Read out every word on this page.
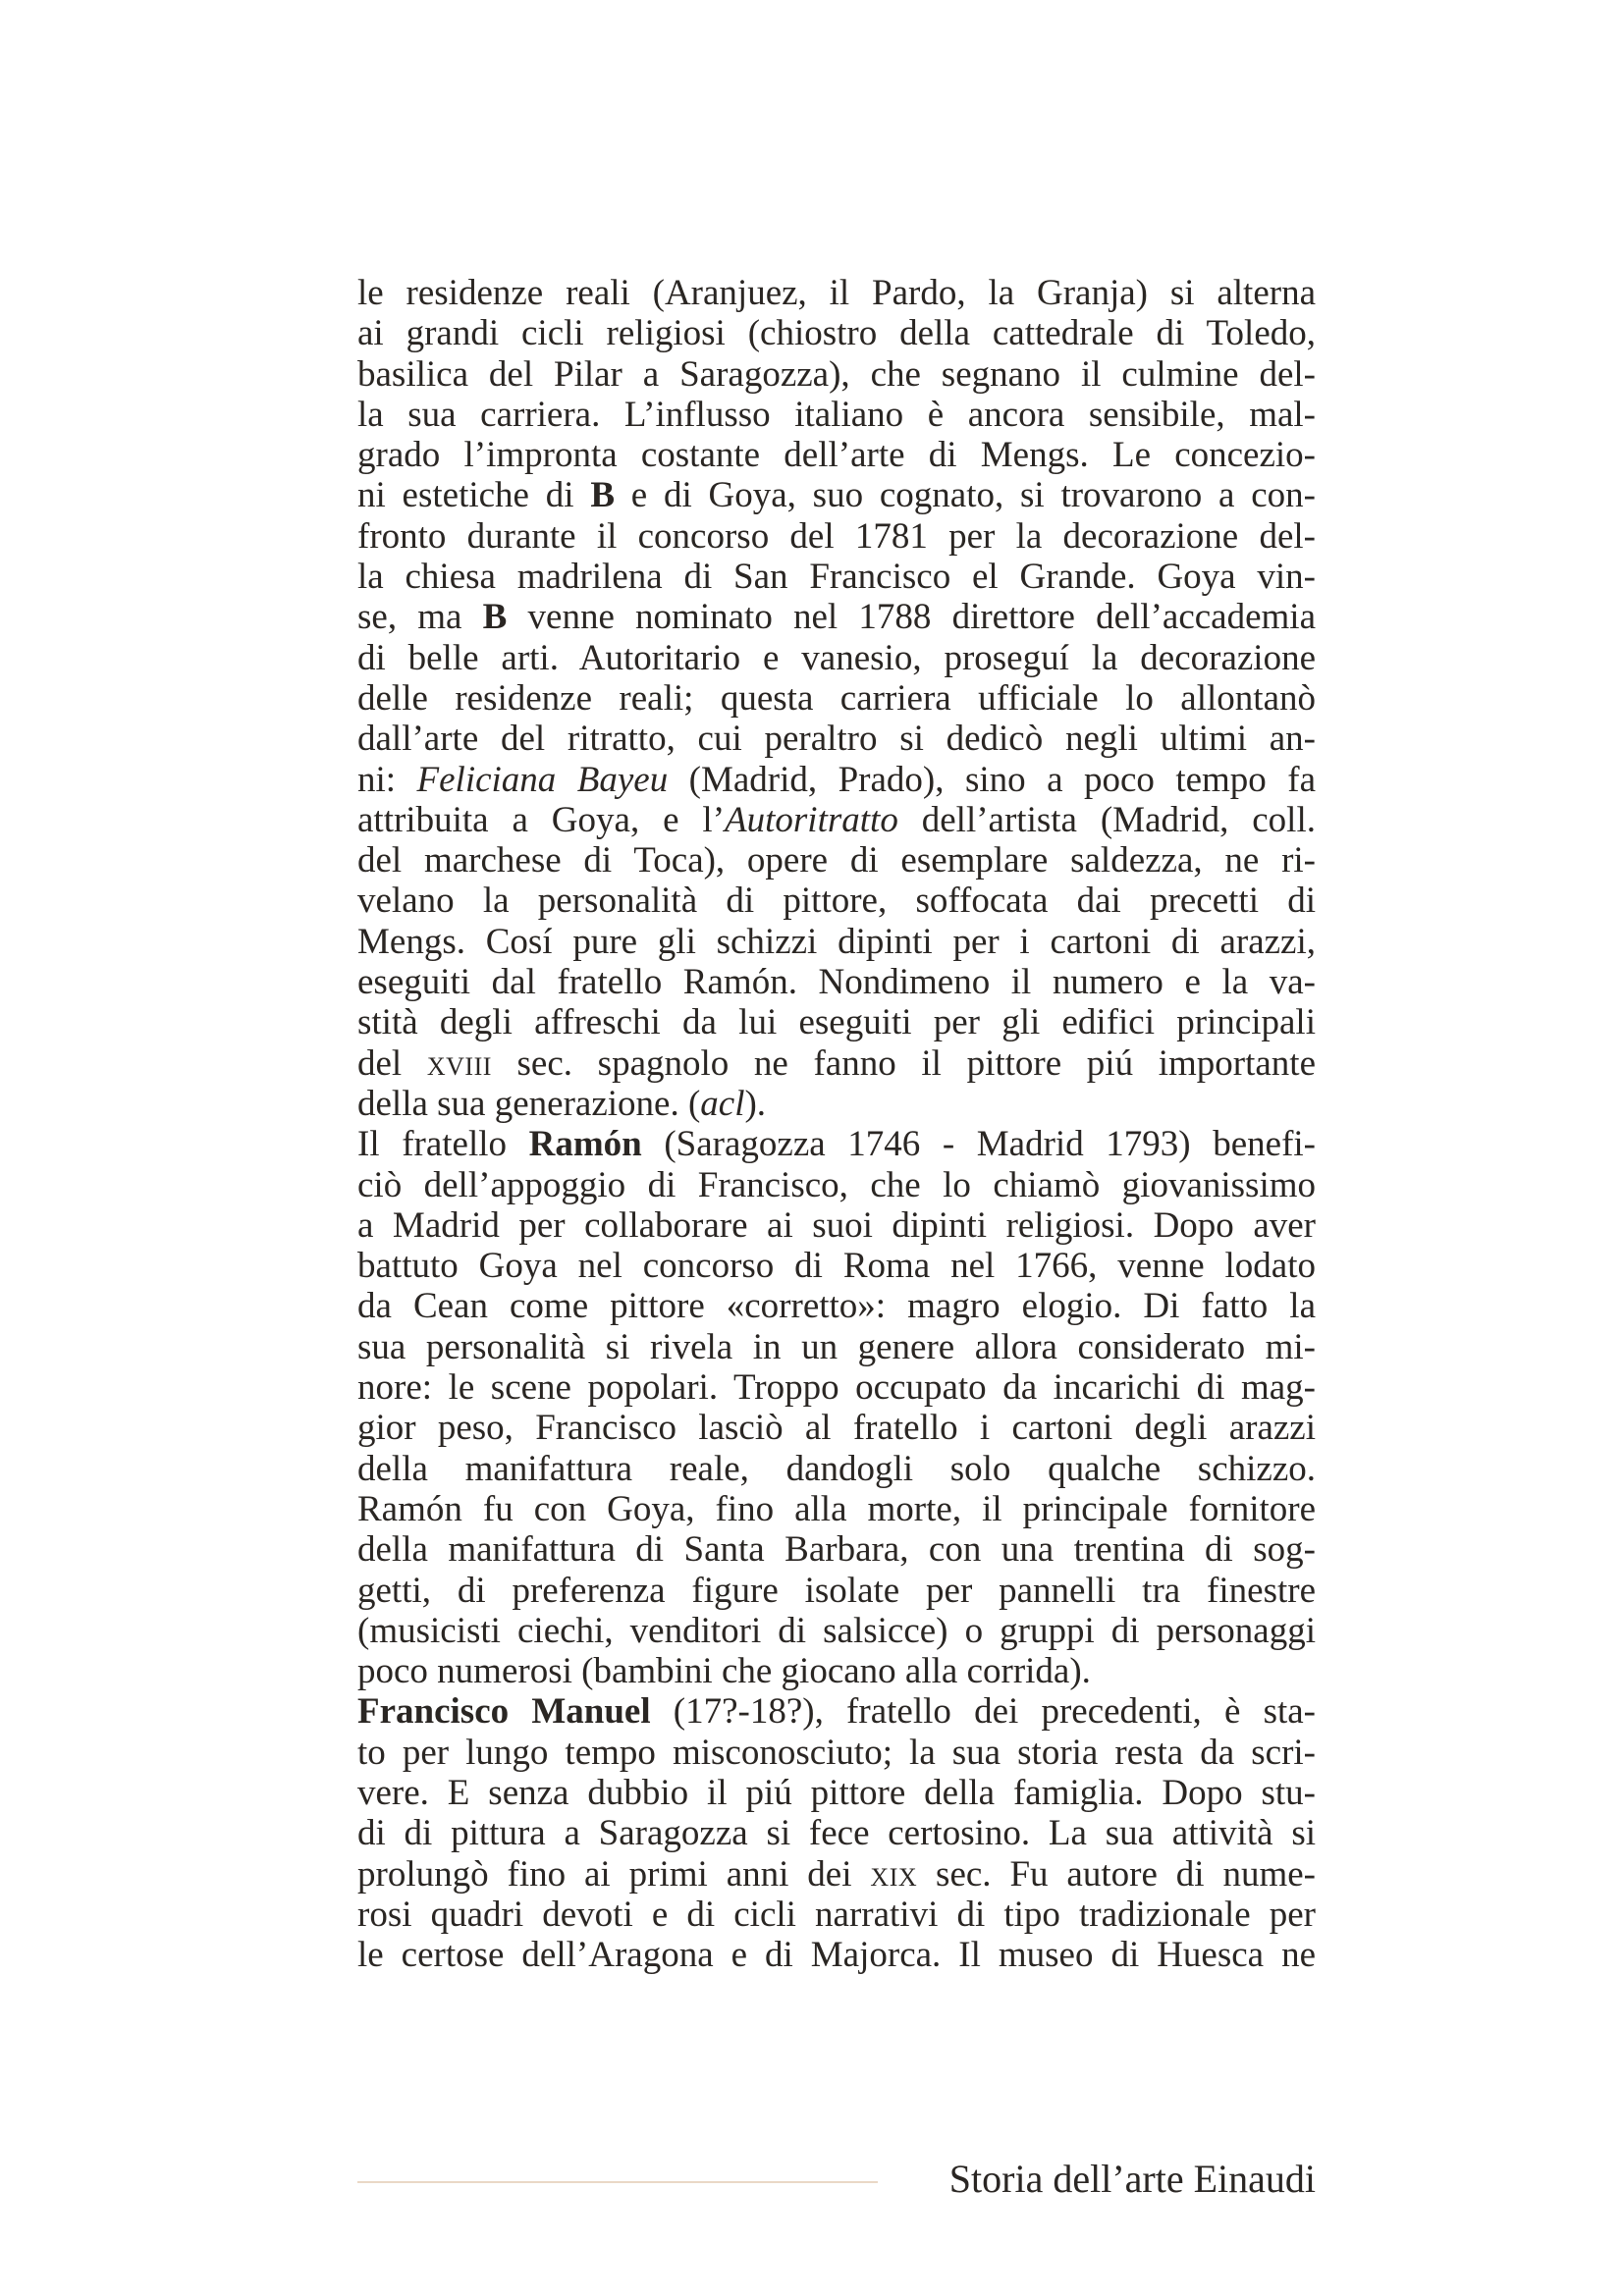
le residenze reali (Aranjuez, il Pardo, la Granja) si alterna
ai grandi cicli religiosi (chiostro della cattedrale di Toledo,
basilica del Pilar a Saragozza), che segnano il culmine del-
la sua carriera. L’influsso italiano è ancora sensibile, mal-
grado l’impronta costante dell’arte di Mengs. Le concezio-
ni estetiche di B e di Goya, suo cognato, si trovarono a con-
fronto durante il concorso del 1781 per la decorazione del-
la chiesa madrilena di San Francisco el Grande. Goya vin-
se, ma B venne nominato nel 1788 direttore dell’accademia
di belle arti. Autoritario e vanesio, proseguí la decorazione
delle residenze reali; questa carriera ufficiale lo allontanò
dall’arte del ritratto, cui peraltro si dedicò negli ultimi an-
ni: Feliciana Bayeu (Madrid, Prado), sino a poco tempo fa
attribuita a Goya, e l’Autoritratto dell’artista (Madrid, coll.
del marchese di Toca), opere di esemplare saldezza, ne ri-
velano la personalità di pittore, soffocata dai precetti di
Mengs. Cosí pure gli schizzi dipinti per i cartoni di arazzi,
eseguiti dal fratello Ramón. Nondimeno il numero e la va-
stità degli affreschi da lui eseguiti per gli edifici principali
del xviii sec. spagnolo ne fanno il pittore piú importante
della sua generazione. (acl).
Il fratello Ramón (Saragozza 1746 - Madrid 1793) benefi-
ciò dell’appoggio di Francisco, che lo chiamò giovanissimo
a Madrid per collaborare ai suoi dipinti religiosi. Dopo aver
battuto Goya nel concorso di Roma nel 1766, venne lodato
da Cean come pittore «corretto»: magro elogio. Di fatto la
sua personalità si rivela in un genere allora considerato mi-
nore: le scene popolari. Troppo occupato da incarichi di mag-
gior peso, Francisco lasciò al fratello i cartoni degli arazzi
della manifattura reale, dandogli solo qualche schizzo.
Ramón fu con Goya, fino alla morte, il principale fornitore
della manifattura di Santa Barbara, con una trentina di sog-
getti, di preferenza figure isolate per pannelli tra finestre
(musicisti ciechi, venditori di salsicce) o gruppi di personaggi
poco numerosi (bambini che giocano alla corrida).
Francisco Manuel (17?-18?), fratello dei precedenti, è sta-
to per lungo tempo misconosciuto; la sua storia resta da scri-
vere. E senza dubbio il piú pittore della famiglia. Dopo stu-
di di pittura a Saragozza si fece certosino. La sua attività si
prolungò fino ai primi anni dei xix sec. Fu autore di nume-
rosi quadri devoti e di cicli narrativi di tipo tradizionale per
le certose dell’Aragona e di Majorca. Il museo di Huesca ne
Storia dell’arte Einaudi
